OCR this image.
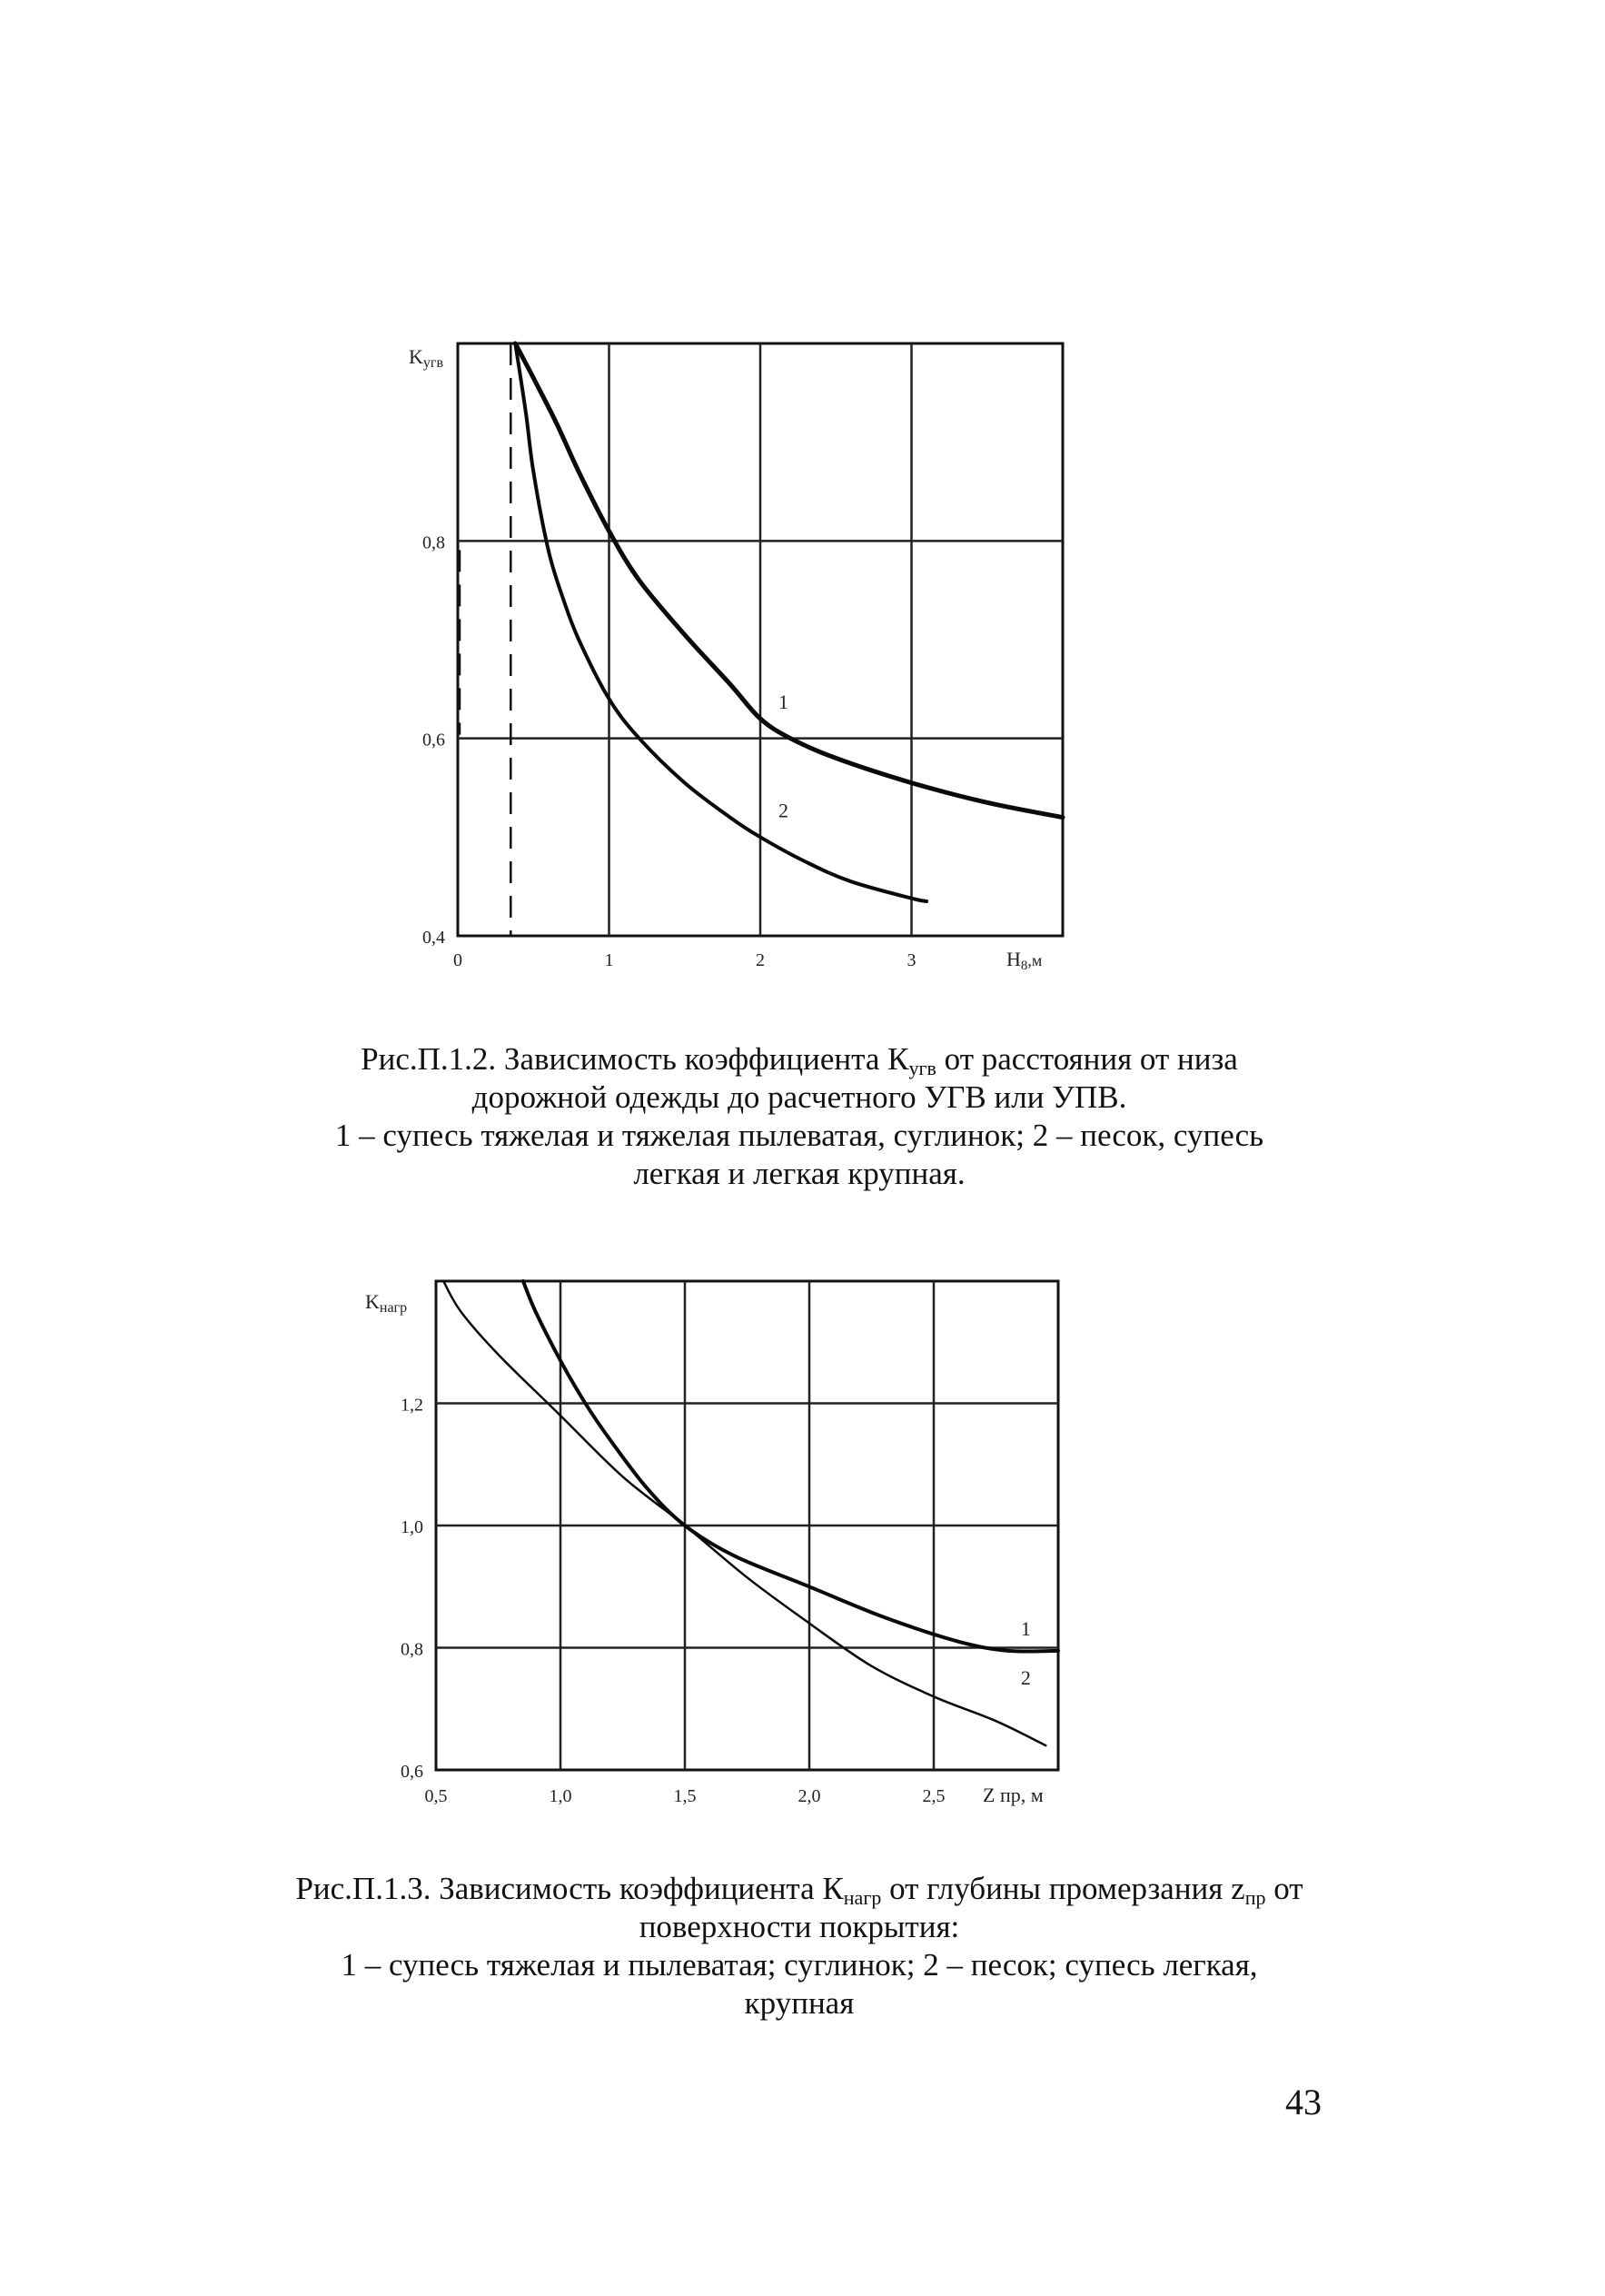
0	1	2	3
0,4
0,6
0,8
1
2
Kугв
H8,м
0,5	1,0	1,5	2,0	2,5
0,6
0,8
1,0
1,2
1
2
Kнагр
Z пр, м
Рис.П.1.2. Зависимость коэффициента $К_{угв}$ от расстояния от низа
дорожной одежды до расчетного УГВ или УПВ.
1 – супесь тяжелая и тяжелая пылеватая, суглинок; 2 – песок, супесь
легкая и легкая крупная.
Рис.П.1.3. Зависимость коэффициента $К_{нагр}$ от глубины промерзания $z_{пр}$ от
поверхности покрытия:
1 – супесь тяжелая и пылеватая; суглинок; 2 – песок; супесь легкая,
крупная
43
